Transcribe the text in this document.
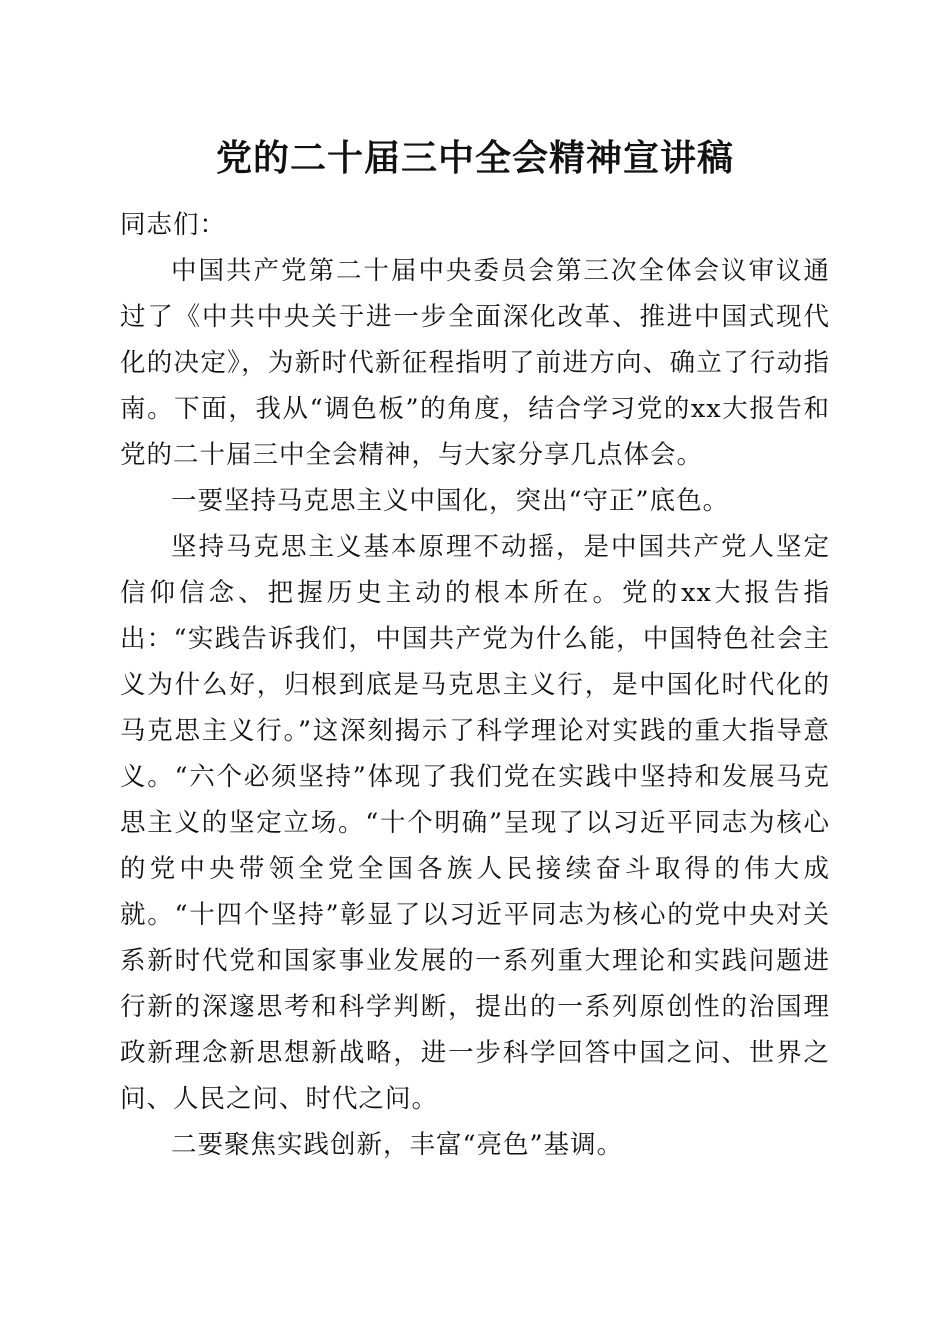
党的二十届三中全会精神宣讲稿

同志们：

中国共产党第二十届中央委员会第三次全体会议审议通过了《中共中央关于进一步全面深化改革、推进中国式现代化的决定》，为新时代新征程指明了前进方向、确立了行动指南。下面，我从“调色板”的角度，结合学习党的xx大报告和党的二十届三中全会精神，与大家分享几点体会。

一要坚持马克思主义中国化，突出“守正”底色。

坚持马克思主义基本原理不动摇，是中国共产党人坚定信仰信念、把握历史主动的根本所在。党的xx大报告指出：“实践告诉我们，中国共产党为什么能，中国特色社会主义为什么好，归根到底是马克思主义行，是中国化时代化的马克思主义行。”这深刻揭示了科学理论对实践的重大指导意义。“六个必须坚持”体现了我们党在实践中坚持和发展马克思主义的坚定立场。“十个明确”呈现了以习近平同志为核心的党中央带领全党全国各族人民接续奋斗取得的伟大成就。“十四个坚持”彰显了以习近平同志为核心的党中央对关系新时代党和国家事业发展的一系列重大理论和实践问题进行新的深邃思考和科学判断，提出的一系列原创性的治国理政新理念新思想新战略，进一步科学回答中国之问、世界之问、人民之问、时代之问。

二要聚焦实践创新，丰富“亮色”基调。
